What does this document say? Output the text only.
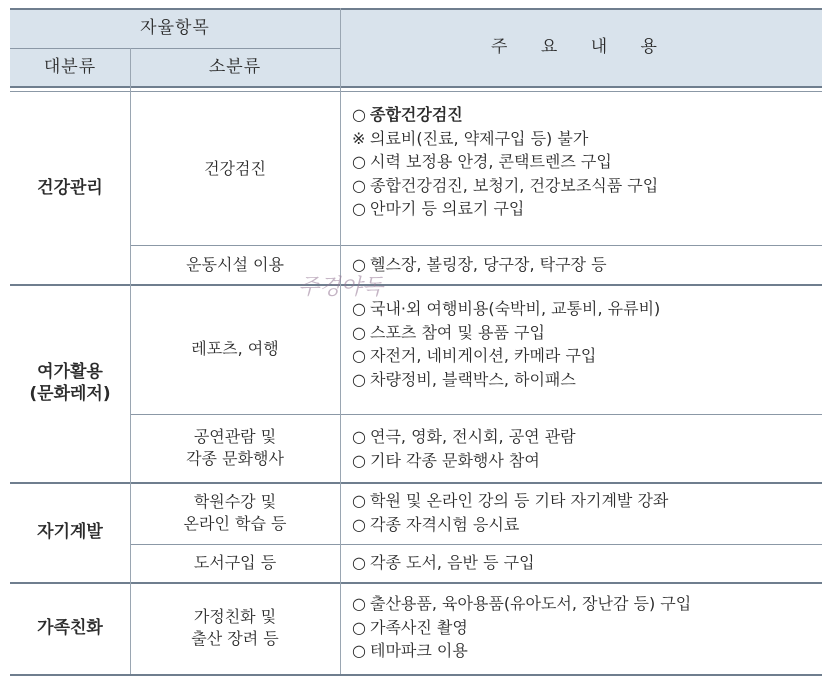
자율항목
대분류	소분류
주 요 내 용
건강관리
여가활용
(문화레저)
자기계발
가족친화
건강검진
운동시설 이용
레포츠, 여행
공연관람 및
각종 문화행사
학원수강 및
온라인 학습 등
도서구입 등
가정친화 및
출산 장려 등
○ 종합건강검진
※ 의료비(진료, 약제구입 등) 불가
○ 시력 보정용 안경, 콘택트렌즈 구입
○ 종합건강검진, 보청기, 건강보조식품 구입
○ 안마기 등 의료기 구입
○ 헬스장, 볼링장, 당구장, 탁구장 등
○ 국내·외 여행비용(숙박비, 교통비, 유류비)
○ 스포츠 참여 및 용품 구입
○ 자전거, 네비게이션, 카메라 구입
○ 차량정비, 블랙박스, 하이패스
○ 연극, 영화, 전시회, 공연 관람
○ 기타 각종 문화행사 참여
○ 학원 및 온라인 강의 등 기타 자기계발 강좌
○ 각종 자격시험 응시료
○ 각종 도서, 음반 등 구입
○ 출산용품, 육아용품(유아도서, 장난감 등) 구입
○ 가족사진 촬영
○ 테마파크 이용
주경야독
